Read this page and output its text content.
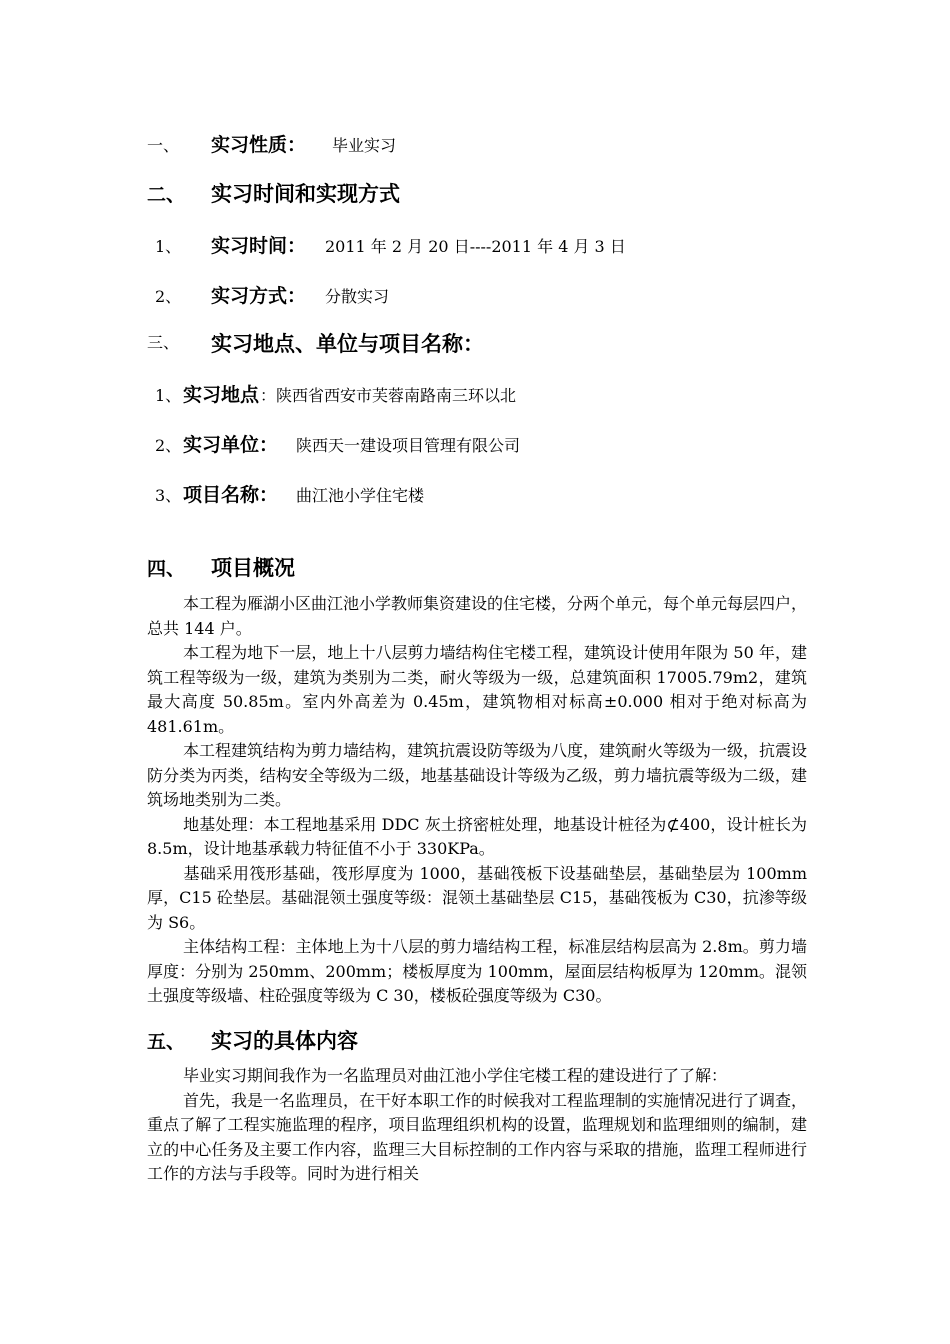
一、 实习性质： 毕业实习
二、 实习时间和实现方式
1、 实习时间： 2011 年 2 月 20 日----2011 年 4 月 3 日
2、 实习方式： 分散实习
三、 实习地点、单位与项目名称：
1、 实习地点 ：陕西省西安市芙蓉南路南三环以北
2、 实习单位： 陕西天一建设项目管理有限公司
3、 项目名称： 曲江池小学住宅楼
四、 项目概况
本工程为雁湖小区曲江池小学教师集资建设的住宅楼，分两个单元，每个单元每层四户，总共 144 户。
本工程为地下一层，地上十八层剪力墙结构住宅楼工程，建筑设计使用年限为 50 年，建筑工程等级为一级，建筑为类别为二类，耐火等级为一级，总建筑面积 17005.79m2，建筑最大高度 50.85m。室内外高差为 0.45m，建筑物相对标高±0.000 相对于绝对标高为 481.61m。
本工程建筑结构为剪力墙结构，建筑抗震设防等级为八度，建筑耐火等级为一级，抗震设防分类为丙类，结构安全等级为二级，地基基础设计等级为乙级，剪力墙抗震等级为二级，建筑场地类别为二类。
地基处理：本工程地基采用 DDC 灰土挤密桩处理，地基设计桩径为⊄400，设计桩长为 8.5m，设计地基承载力特征值不小于 330KPa。
基础采用筏形基础，筏形厚度为 1000，基础筏板下设基础垫层，基础垫层为 100mm 厚，C15 砼垫层。基础混领土强度等级：混领土基础垫层 C15，基础筏板为 C30，抗渗等级为 S6。
主体结构工程：主体地上为十八层的剪力墙结构工程，标准层结构层高为 2.8m。剪力墙厚度：分别为 250mm、200mm；楼板厚度为 100mm，屋面层结构板厚为 120mm。混领土强度等级墙、柱砼强度等级为 C 30，楼板砼强度等级为 C30。
五、 实习的具体内容
毕业实习期间我作为一名监理员对曲江池小学住宅楼工程的建设进行了了解：
首先，我是一名监理员，在干好本职工作的时候我对工程监理制的实施情况进行了调查，重点了解了工程实施监理的程序，项目监理组织机构的设置，监理规划和监理细则的编制，建立的中心任务及主要工作内容，监理三大目标控制的工作内容与采取的措施，监理工程师进行工作的方法与手段等。同时为进行相关
